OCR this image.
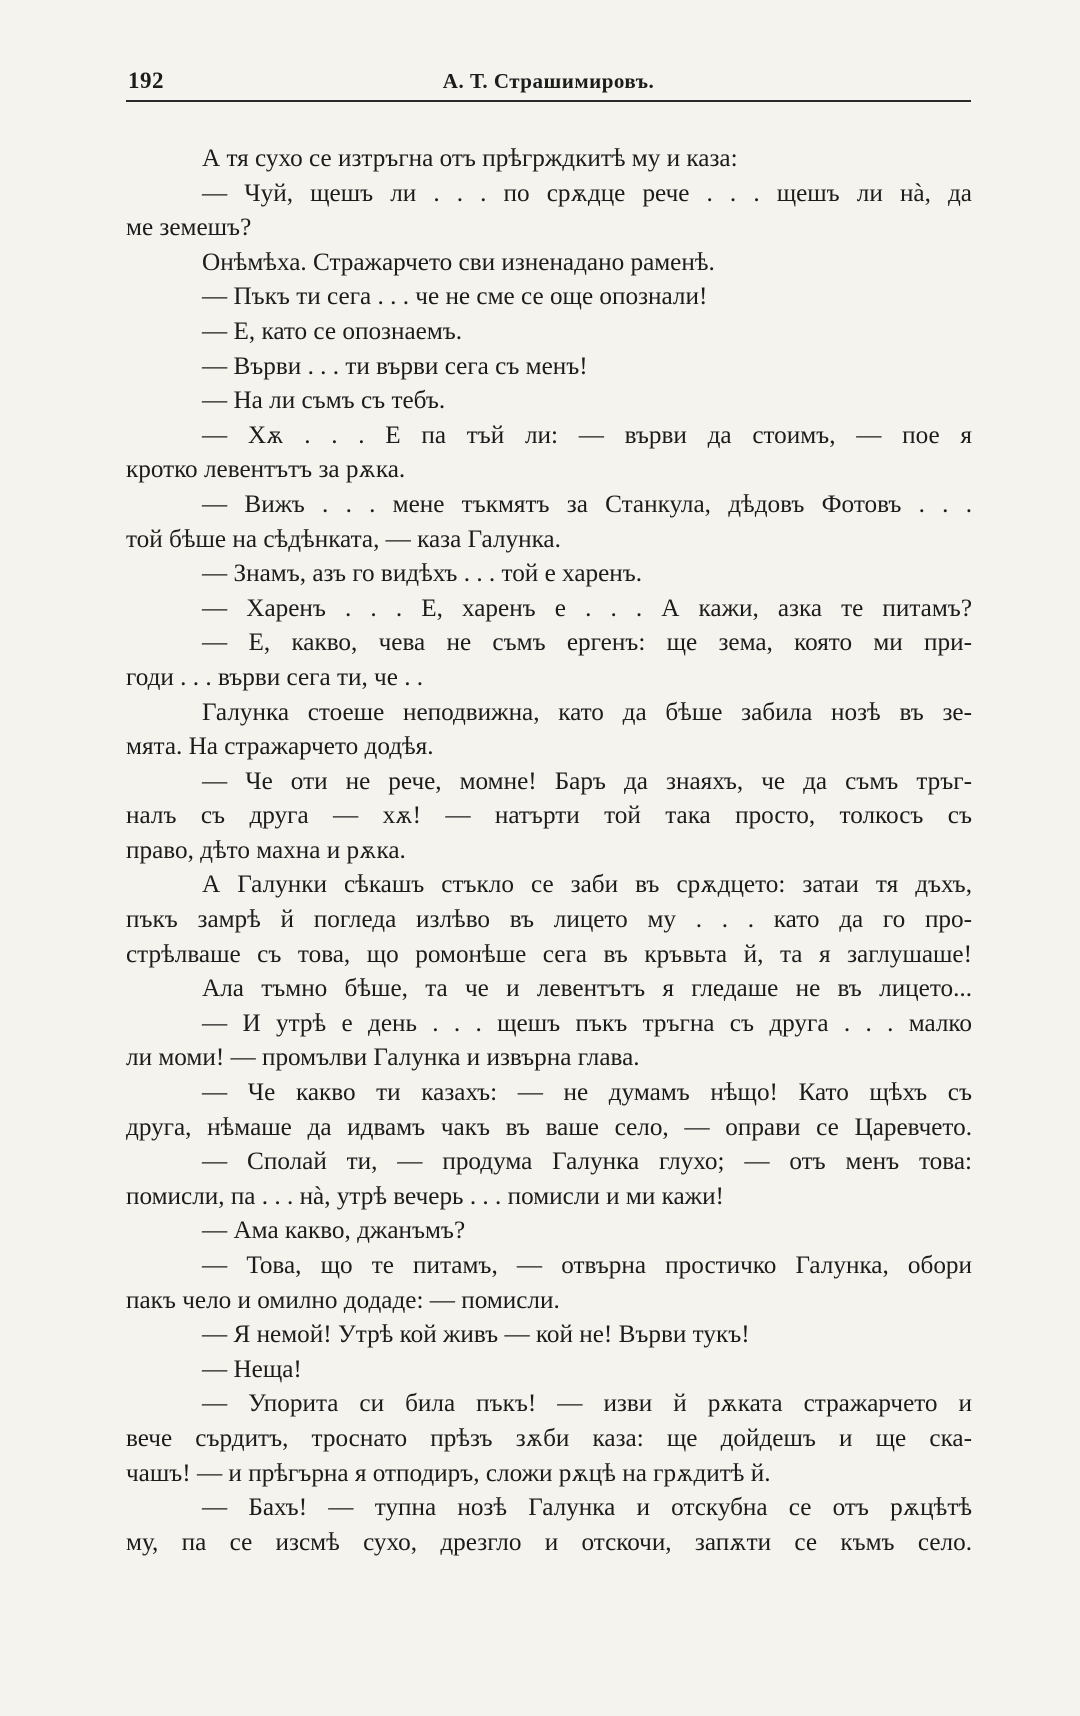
192	А. Т. Страшимировъ.
А тя сухо се изтръгна отъ прѣгрждкитѣ му и каза:
— Чуй, щешъ ли . . . по срѫдце рече . . . щешъ ли нà, да
ме земешъ?
Онѣмѣха. Стражарчето сви изненадано раменѣ.
— Пъкъ ти сега . . . че не сме се още опознали!
— Е, като се опознаемъ.
— Върви . . . ти върви сега съ менъ!
— На ли съмъ съ тебъ.
— Хѫ . . . Е па тъй ли: — върви да стоимъ, — пое я
кротко левентътъ за рѫка.
— Вижъ . . . мене тъкмятъ за Станкула, дѣдовъ Фотовъ . . .
той бѣше на сѣдѣнката, — каза Галунка.
— Знамъ, азъ го видѣхъ . . . той е харенъ.
— Харенъ . . . Е, харенъ е . . . А кажи, азка те питамъ?
— Е, какво, чева не съмъ ергенъ: ще зема, която ми при-
годи . . . върви сега ти, че . .
Галунка стоеше неподвижна, като да бѣше забила нозѣ въ зе-
мята. На стражарчето додѣя.
— Че оти не рече, момне! Баръ да знаяхъ, че да съмъ тръг-
налъ съ друга — хѫ! — натърти той така просто, толкосъ съ
право, дѣто махна и рѫка.
А Галунки сѣкашъ стъкло се заби въ срѫдцето: затаи тя дъхъ,
пъкъ замрѣ й погледа излѣво въ лицето му . . . като да го про-
стрѣлваше съ това, що ромонѣше сега въ кръвьта й, та я заглушаше!
Ала тъмно бѣше, та че и левентътъ я гледаше не въ лицето...
— И утрѣ е день . . . щешъ пъкъ тръгна съ друга . . . малко
ли моми! — промълви Галунка и извърна глава.
— Че какво ти казахъ: — не думамъ нѣщо! Като щѣхъ съ
друга, нѣмаше да идвамъ чакъ въ ваше село, — оправи се Царевчето.
— Сполай ти, — продума Галунка глухо; — отъ менъ това:
помисли, па . . . нà, утрѣ вечерь . . . помисли и ми кажи!
— Ама какво, джанъмъ?
— Това, що те питамъ, — отвърна простичко Галунка, обори
пакъ чело и омилно додаде: — помисли.
— Я немой! Утрѣ кой живъ — кой не! Върви тукъ!
— Неща!
— Упорита си била пъкъ! — изви й рѫката стражарчето и
вече сърдитъ, троснато прѣзъ зѫби каза: ще дойдешъ и ще ска-
чашъ! — и прѣгърна я отподиръ, сложи рѫцѣ на грѫдитѣ й.
— Бахъ! — тупна нозѣ Галунка и отскубна се отъ рѫцѣтѣ
му, па се изсмѣ сухо, дрезгло и отскочи, запѫти се къмъ село.
